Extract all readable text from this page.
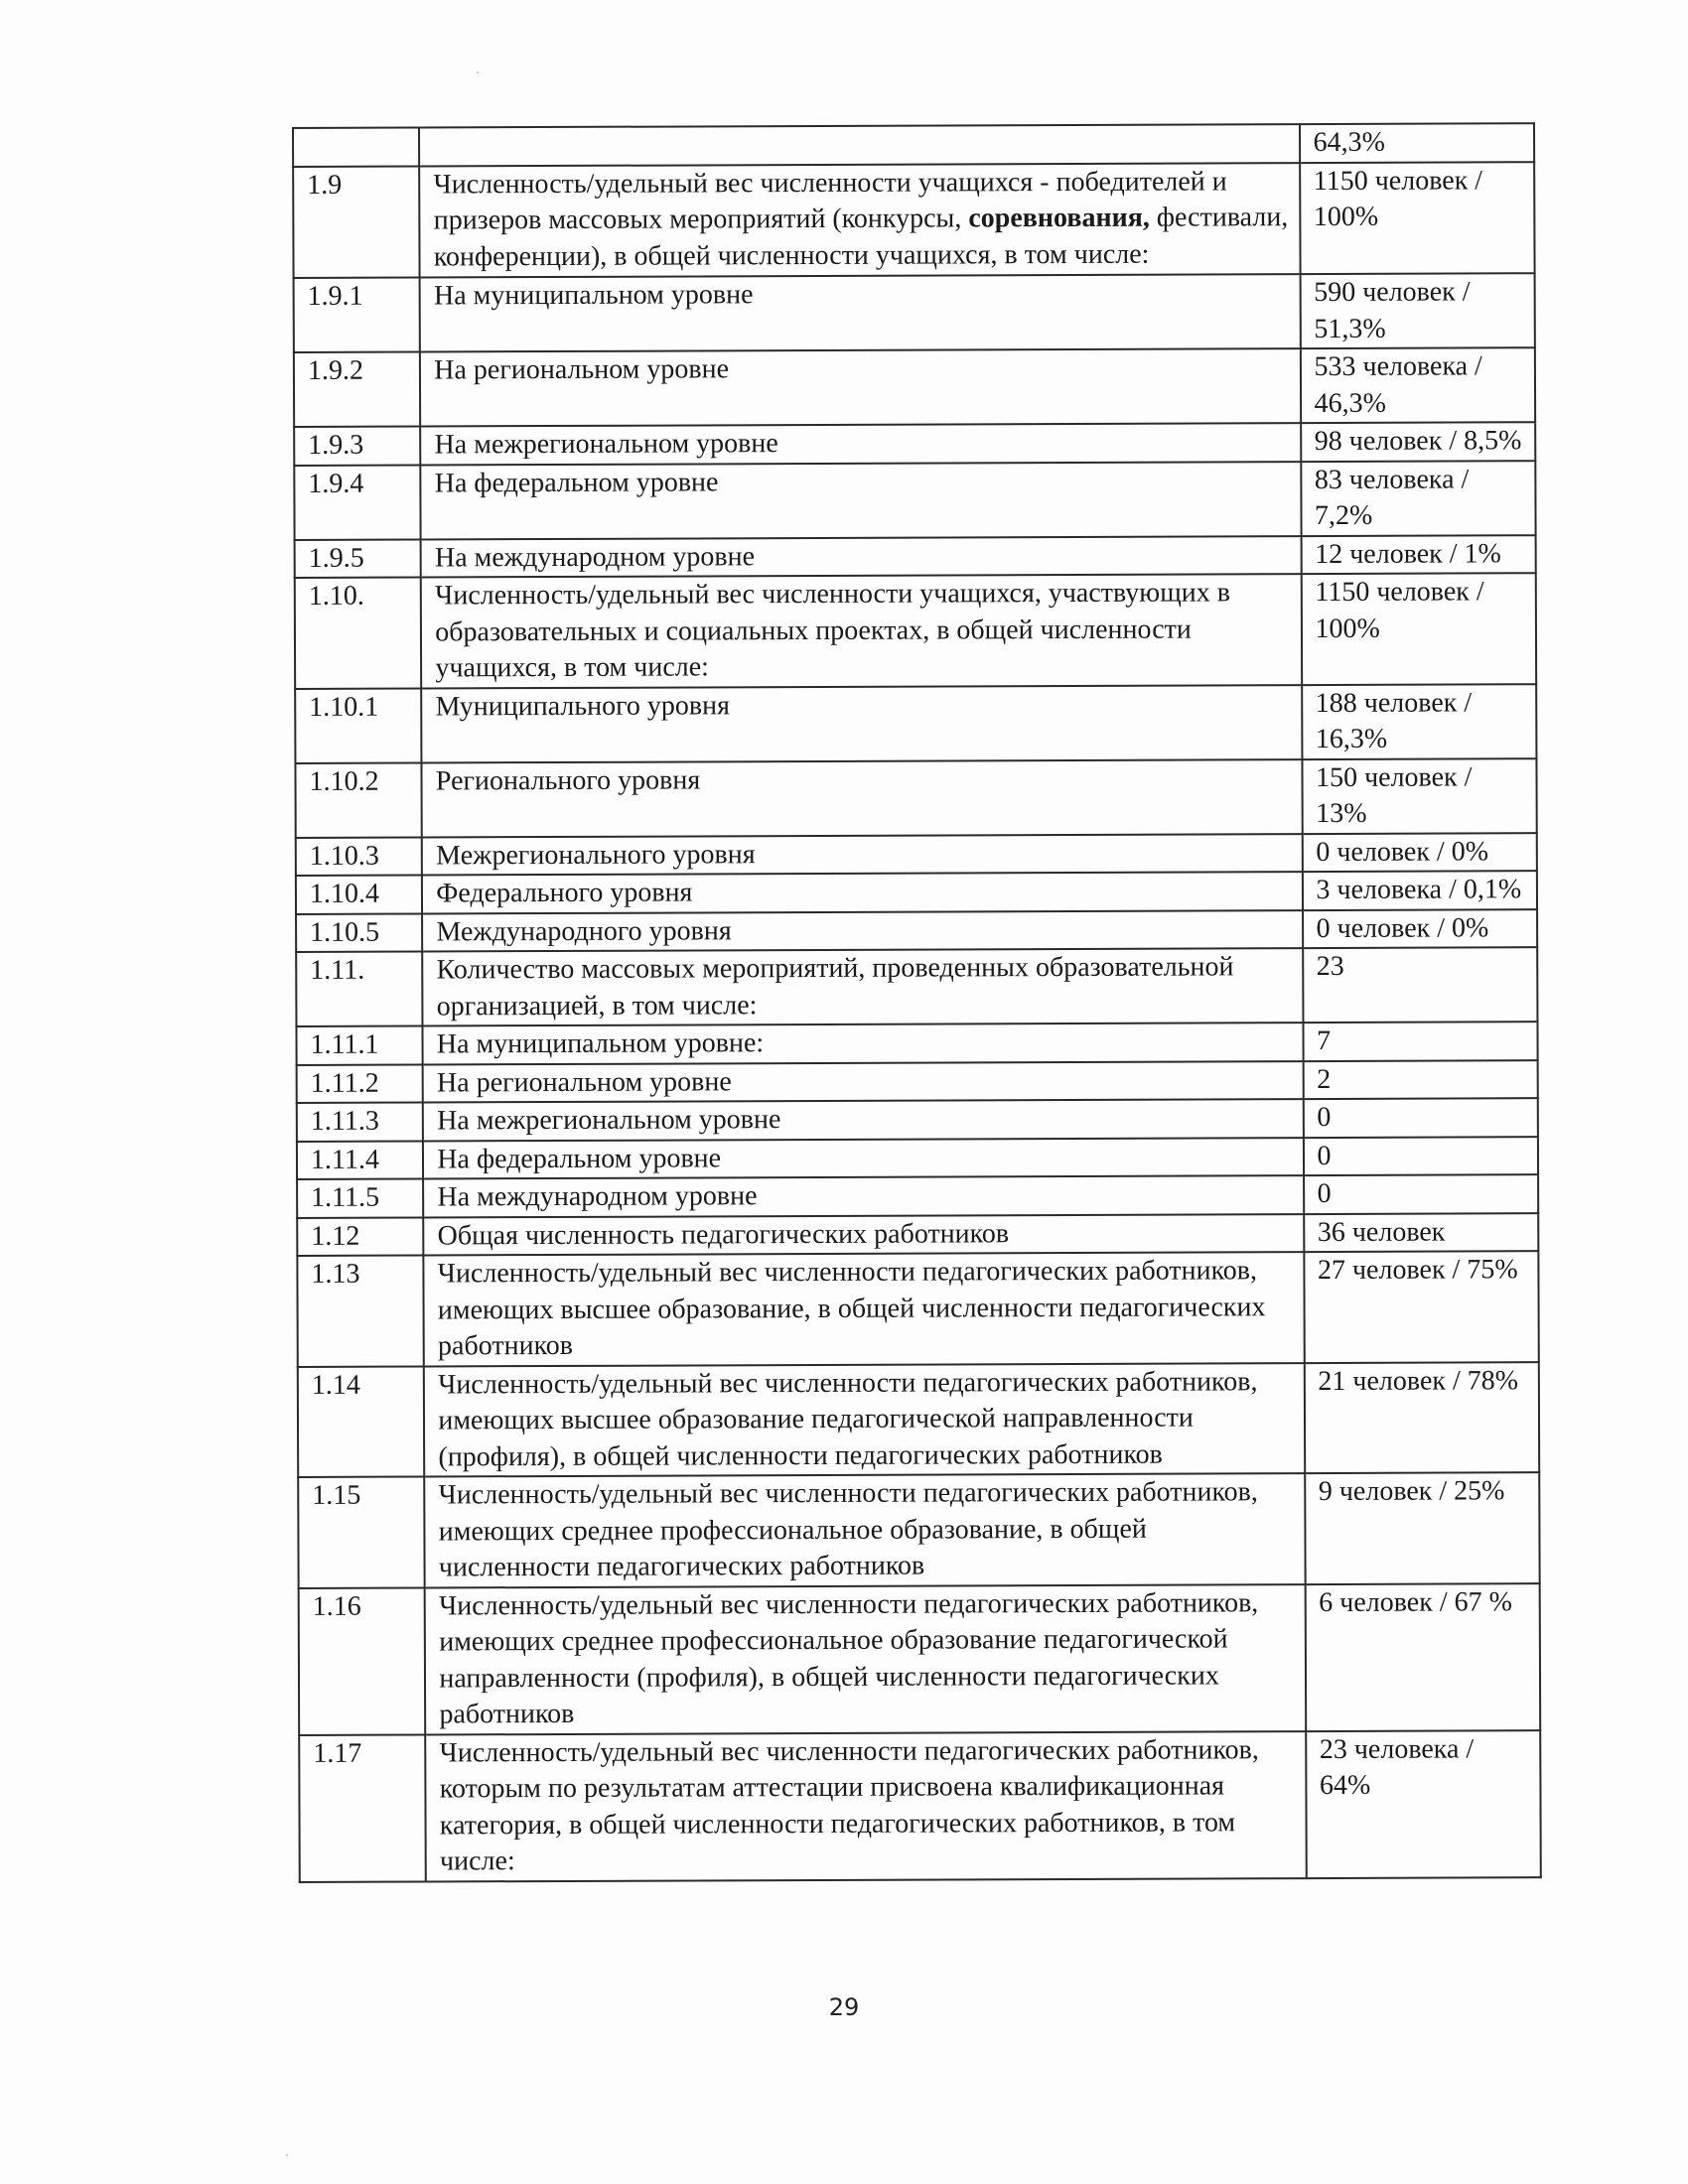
		64,3%
1.9	Численность/удельный вес численности учащихся - победителей и призеров массовых мероприятий (конкурсы, соревнования, фестивали, конференции), в общей численности учащихся, в том числе:	1150 человек / 100%
1.9.1	На муниципальном уровне	590 человек / 51,3%
1.9.2	На региональном уровне	533 человека / 46,3%
1.9.3	На межрегиональном уровне	98 человек / 8,5%
1.9.4	На федеральном уровне	83 человека / 7,2%
1.9.5	На международном уровне	12 человек / 1%
1.10.	Численность/удельный вес численности учащихся, участвующих в образовательных и социальных проектах, в общей численности учащихся, в том числе:	1150 человек / 100%
1.10.1	Муниципального уровня	188 человек / 16,3%
1.10.2	Регионального уровня	150 человек / 13%
1.10.3	Межрегионального уровня	0 человек / 0%
1.10.4	Федерального уровня	3 человека / 0,1%
1.10.5	Международного уровня	0 человек / 0%
1.11.	Количество массовых мероприятий, проведенных образовательной организацией, в том числе:	23
1.11.1	На муниципальном уровне:	7
1.11.2	На региональном уровне	2
1.11.3	На межрегиональном уровне	0
1.11.4	На федеральном уровне	0
1.11.5	На международном уровне	0
1.12	Общая численность педагогических работников	36 человек
1.13	Численность/удельный вес численности педагогических работников, имеющих высшее образование, в общей численности педагогических работников	27 человек / 75%
1.14	Численность/удельный вес численности педагогических работников, имеющих высшее образование педагогической направленности (профиля), в общей численности педагогических работников	21 человек / 78%
1.15	Численность/удельный вес численности педагогических работников, имеющих среднее профессиональное образование, в общей численности педагогических работников	9 человек / 25%
1.16	Численность/удельный вес численности педагогических работников, имеющих среднее профессиональное образование педагогической направленности (профиля), в общей численности педагогических работников	6 человек / 67 %
1.17	Численность/удельный вес численности педагогических работников, которым по результатам аттестации присвоена квалификационная категория, в общей численности педагогических работников, в том числе:	23 человека / 64%
29
